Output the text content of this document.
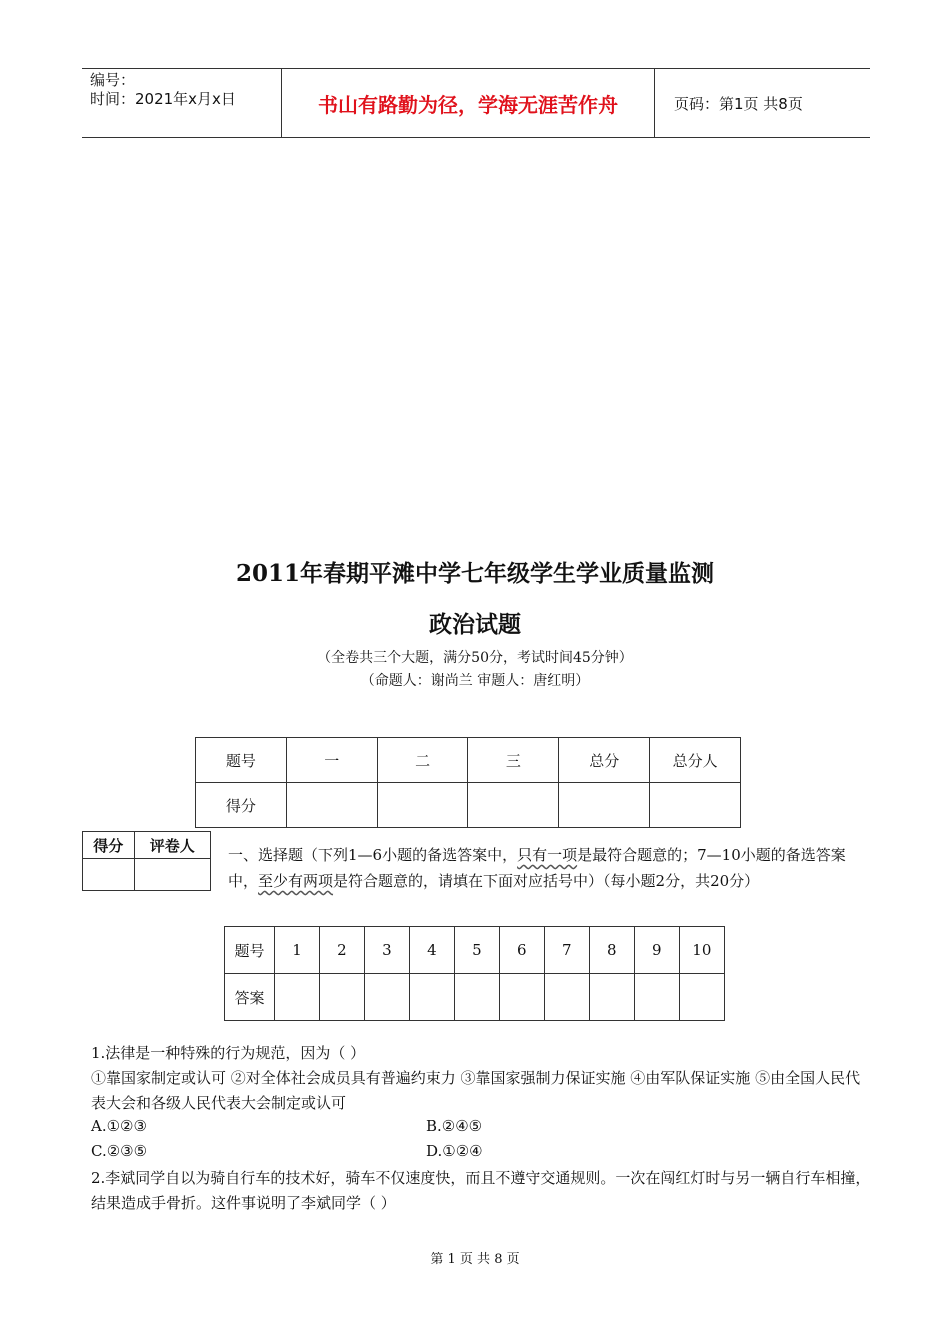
编号：
时间：2021年x月x日	书山有路勤为径，学海无涯苦作舟	页码：第1页 共8页
2011年春期平滩中学七年级学生学业质量监测
政治试题
（全卷共三个大题，满分50分，考试时间45分钟）
（命题人：谢尚兰 审题人：唐红明）
题号	一	二	三	总分	总分人
得分					
得分	评卷人

一、选择题（下列1—6小题的备选答案中，只有一项是最符合题意的；7—10小题的备选答案中，至少有两项是符合题意的，请填在下面对应括号中）（每小题2分，共20分）
题号	1	2	3	4	5	6	7	8	9	10
答案										
1.法律是一种特殊的行为规范，因为（ ）
①靠国家制定或认可 ②对全体社会成员具有普遍约束力 ③靠国家强制力保证实施 ④由军队保证实施 ⑤由全国人民代表大会和各级人民代表大会制定或认可
A.①②③	B.②④⑤
C.②③⑤	D.①②④
2.李斌同学自以为骑自行车的技术好，骑车不仅速度快，而且不遵守交通规则。一次在闯红灯时与另一辆自行车相撞，结果造成手骨折。这件事说明了李斌同学（ ）
第 1 页 共 8 页
